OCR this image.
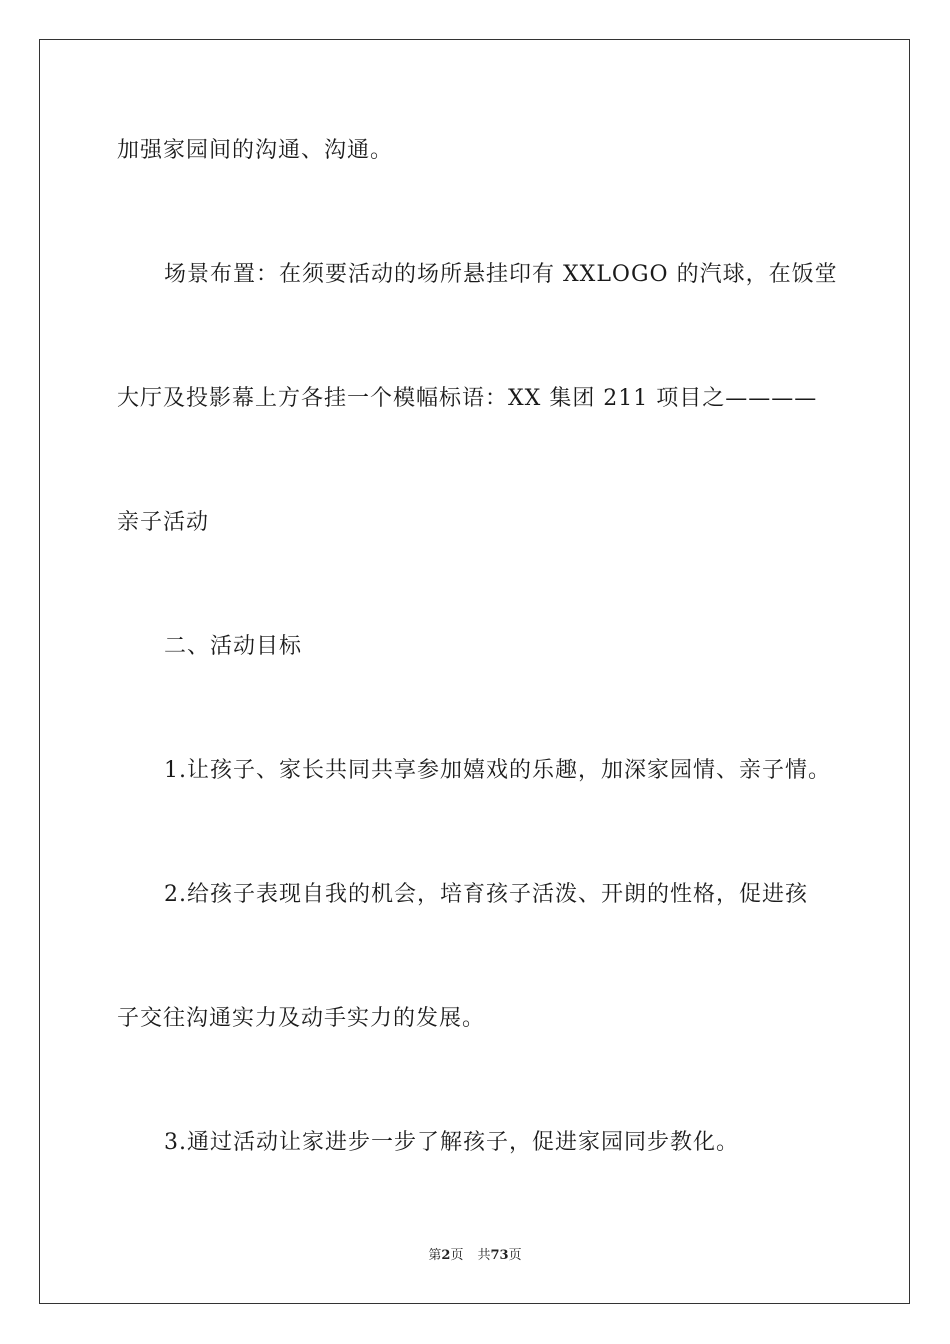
加强家园间的沟通、沟通。
场景布置：在须要活动的场所悬挂印有 XXLOGO 的汽球，在饭堂
大厅及投影幕上方各挂一个模幅标语：XX 集团 211 项目之————
亲子活动
二、活动目标
1.让孩子、家长共同共享参加嬉戏的乐趣，加深家园情、亲子情。
2.给孩子表现自我的机会，培育孩子活泼、开朗的性格，促进孩
子交往沟通实力及动手实力的发展。
3.通过活动让家进步一步了解孩子，促进家园同步教化。
第2页 共73页
